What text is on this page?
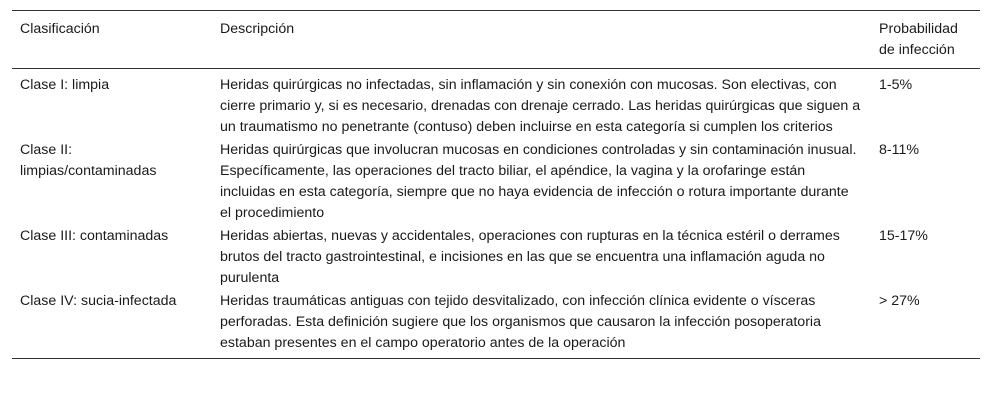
Clasificación	Descripción	Probabilidad de infección
Clase I: limpia	Heridas quirúrgicas no infectadas, sin inflamación y sin conexión con mucosas. Son electivas, con cierre primario y, si es necesario, drenadas con drenaje cerrado. Las heridas quirúrgicas que siguen a un traumatismo no penetrante (contuso) deben incluirse en esta categoría si cumplen los criterios	1-5%
Clase II: limpias/contaminadas	Heridas quirúrgicas que involucran mucosas en condiciones controladas y sin contaminación inusual. Específicamente, las operaciones del tracto biliar, el apéndice, la vagina y la orofaringe están incluidas en esta categoría, siempre que no haya evidencia de infección o rotura importante durante el procedimiento	8-11%
Clase III: contaminadas	Heridas abiertas, nuevas y accidentales, operaciones con rupturas en la técnica estéril o derrames brutos del tracto gastrointestinal, e incisiones en las que se encuentra una inflamación aguda no purulenta	15-17%
Clase IV: sucia-infectada	Heridas traumáticas antiguas con tejido desvitalizado, con infección clínica evidente o vísceras perforadas. Esta definición sugiere que los organismos que causaron la infección posoperatoria estaban presentes en el campo operatorio antes de la operación	> 27%
